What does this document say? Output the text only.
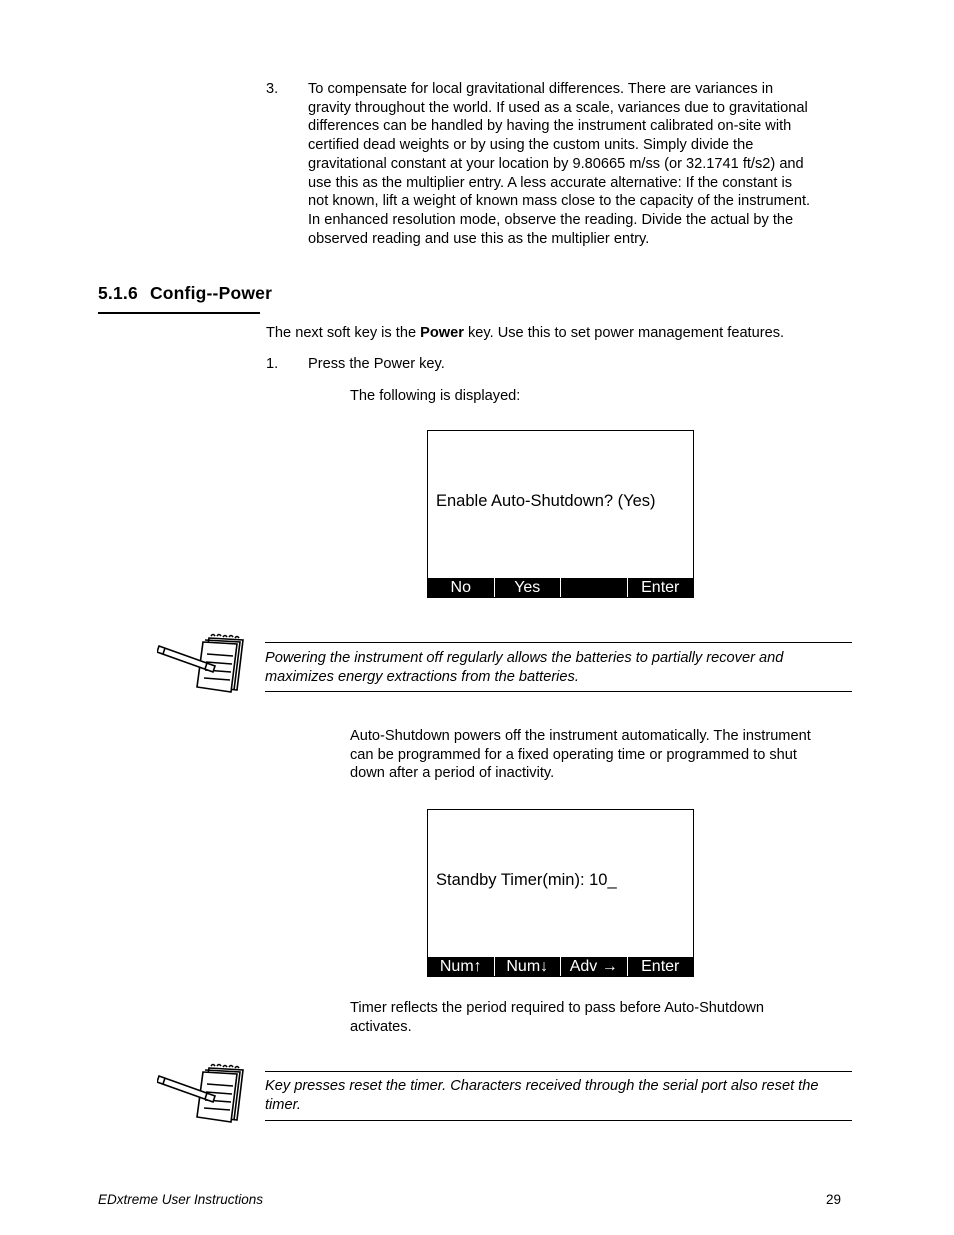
3. To compensate for local gravitational differences. There are variances in
gravity throughout the world. If used as a scale, variances due to gravitational
differences can be handled by having the instrument calibrated on-site with
certified dead weights or by using the custom units. Simply divide the
gravitational constant at your location by 9.80665 m/ss (or 32.1741 ft/s2) and
use this as the multiplier entry. A less accurate alternative: If the constant is
not known, lift a weight of known mass close to the capacity of the instrument.
In enhanced resolution mode, observe the reading. Divide the actual by the
observed reading and use this as the multiplier entry.
5.1.6 Config--Power
The next soft key is the Power key. Use this to set power management features.
1. Press the Power key.
The following is displayed:
Enable Auto-Shutdown? (Yes)
No	Yes	Enter
Powering the instrument off regularly allows the batteries to partially recover and
maximizes energy extractions from the batteries.
Auto-Shutdown powers off the instrument automatically. The instrument
can be programmed for a fixed operating time or programmed to shut
down after a period of inactivity.
Standby Timer(min): 10_
Num↑	Num↓	Adv →	Enter
Timer reflects the period required to pass before Auto-Shutdown
activates.
Key presses reset the timer. Characters received through the serial port also reset the
timer.
EDxtreme User Instructions	29
